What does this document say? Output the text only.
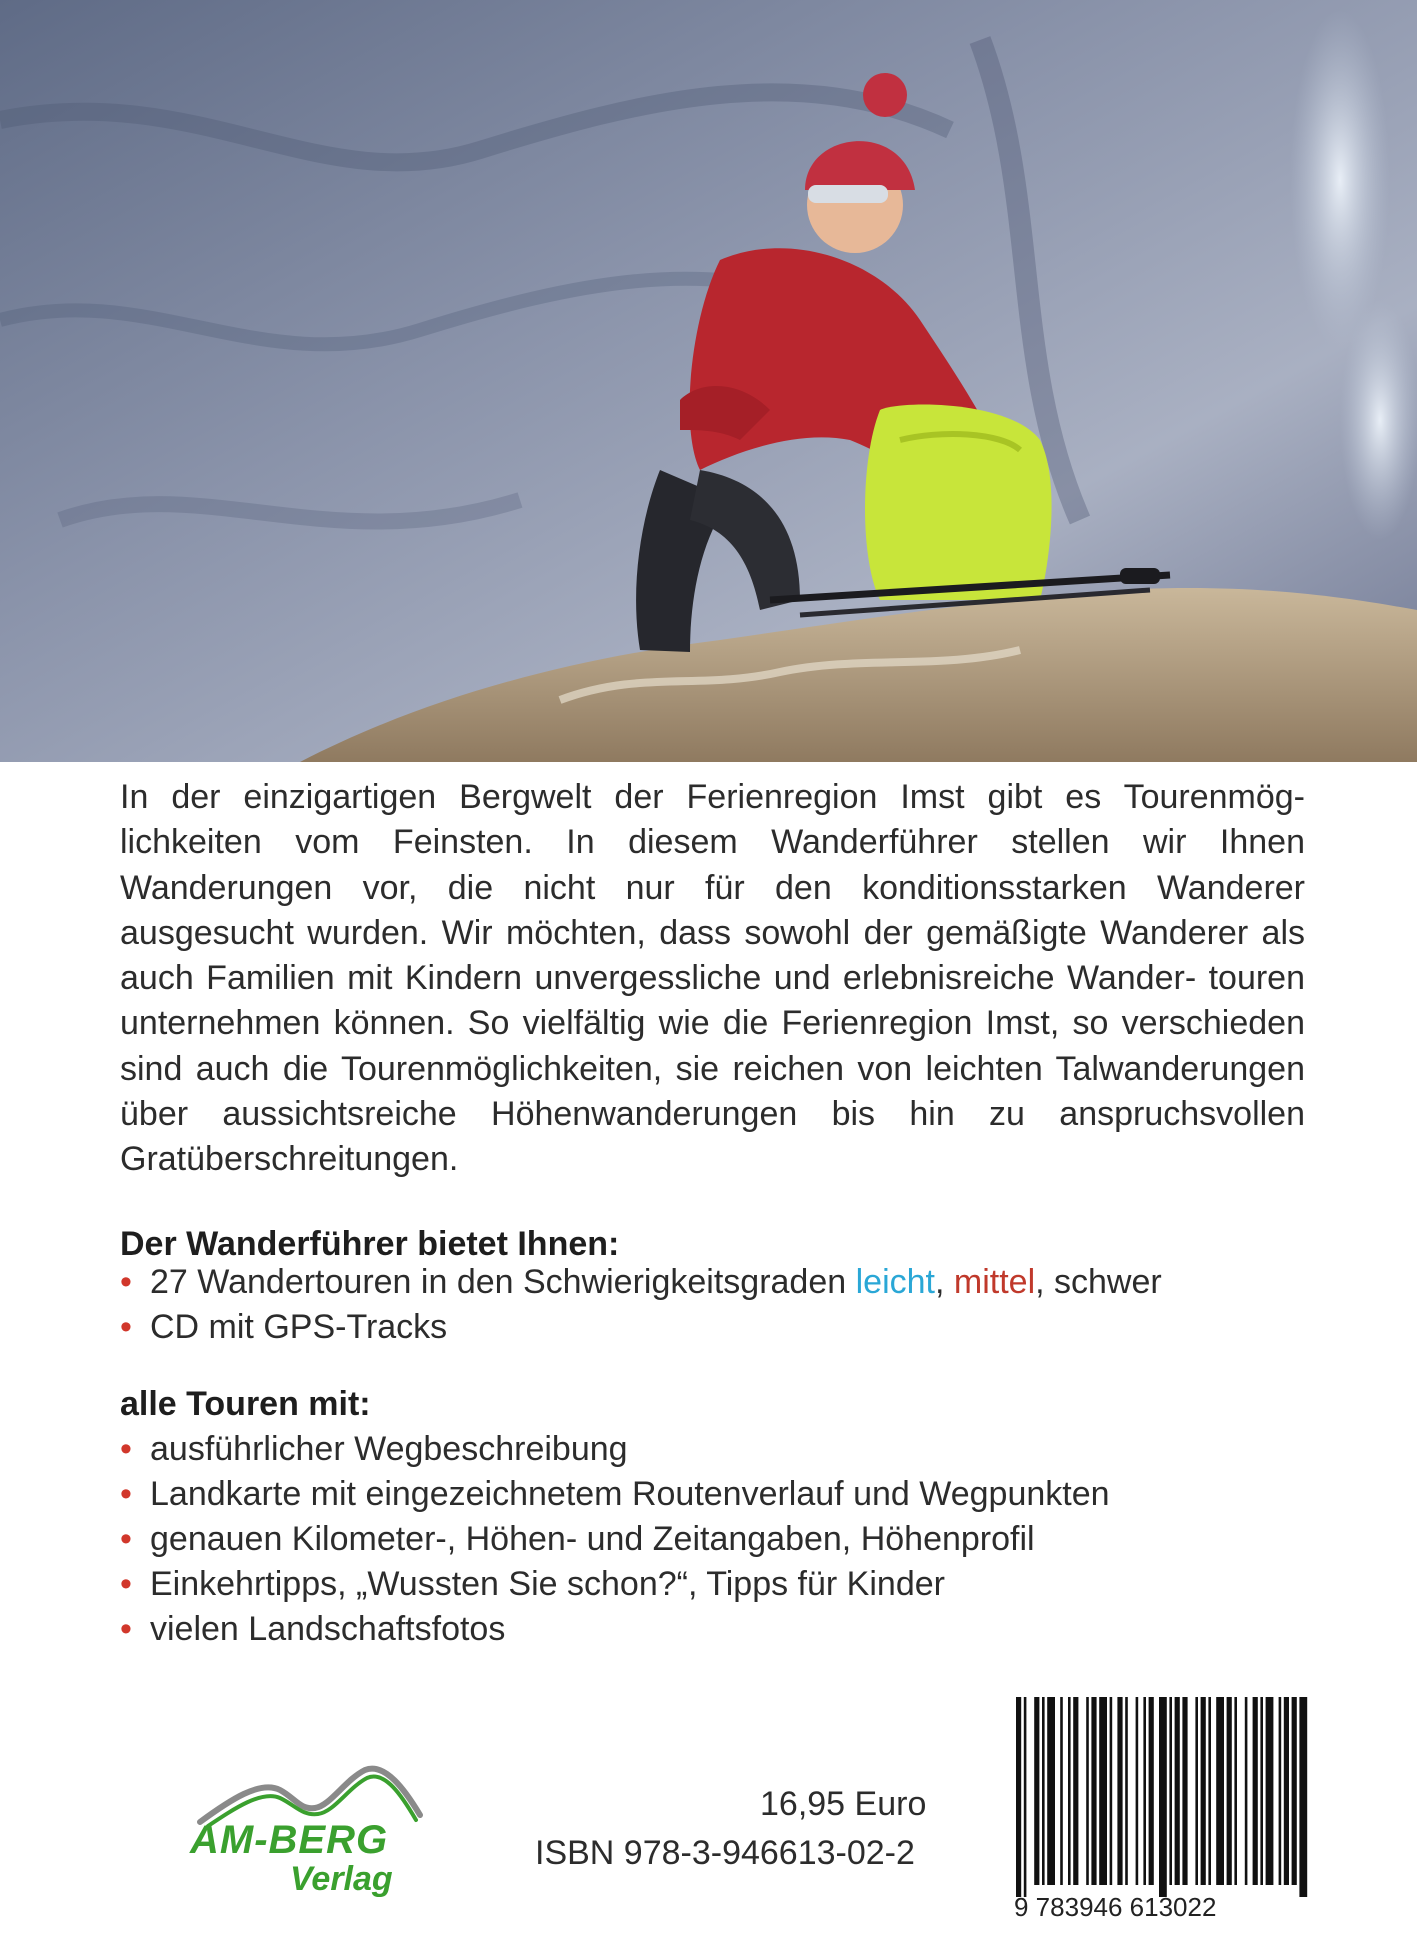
In der einzigartigen Bergwelt der Ferienregion Imst gibt es Tourenmög- lichkeiten vom Feinsten. In diesem Wanderführer stellen wir Ihnen Wanderungen vor, die nicht nur für den konditionsstarken Wanderer ausgesucht wurden. Wir möchten, dass sowohl der gemäßigte Wanderer als auch Familien mit Kindern unvergessliche und erlebnisreiche Wander- touren unternehmen können. So vielfältig wie die Ferienregion Imst, so verschieden sind auch die Tourenmöglichkeiten, sie reichen von leichten Talwanderungen über aussichtsreiche Höhenwanderungen bis hin zu anspruchsvollen Gratüberschreitungen.

Der Wanderführer bietet Ihnen:
• 27 Wandertouren in den Schwierigkeitsgraden leicht, mittel, schwer
• CD mit GPS-Tracks
alle Touren mit:
• ausführlicher Wegbeschreibung
• Landkarte mit eingezeichnetem Routenverlauf und Wegpunkten
• genauen Kilometer-, Höhen- und Zeitangaben, Höhenprofil
• Einkehrtipps, „Wussten Sie schon?“, Tipps für Kinder
• vielen Landschaftsfotos
AM-BERG
Verlag
16,95 Euro
ISBN 978-3-946613-02-2
9 783946 613022
